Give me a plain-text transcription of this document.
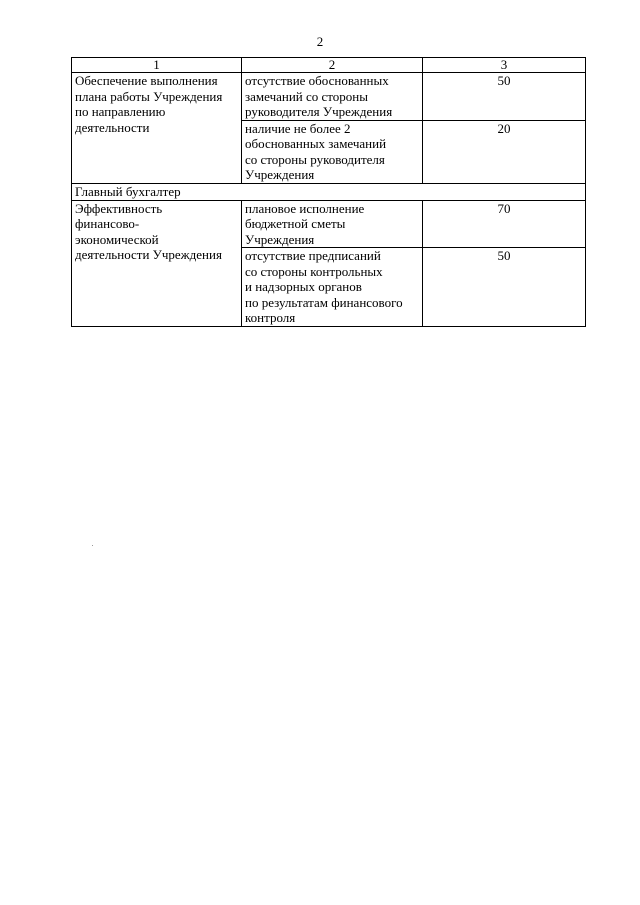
2
1	2	3

Обеспечение выполнения
плана работы Учреждения
по направлению
деятельности	отсутствие обоснованных
замечаний со стороны
руководителя Учреждения	50

	наличие не более 2
обоснованных замечаний
со стороны руководителя
Учреждения	20
Главный бухгалтер		

Эффективность
финансово-
экономической
деятельности Учреждения	плановое исполнение
бюджетной сметы
Учреждения	70

	отсутствие предписаний
со стороны контрольных
и надзорных органов
по результатам финансового
контроля	50
